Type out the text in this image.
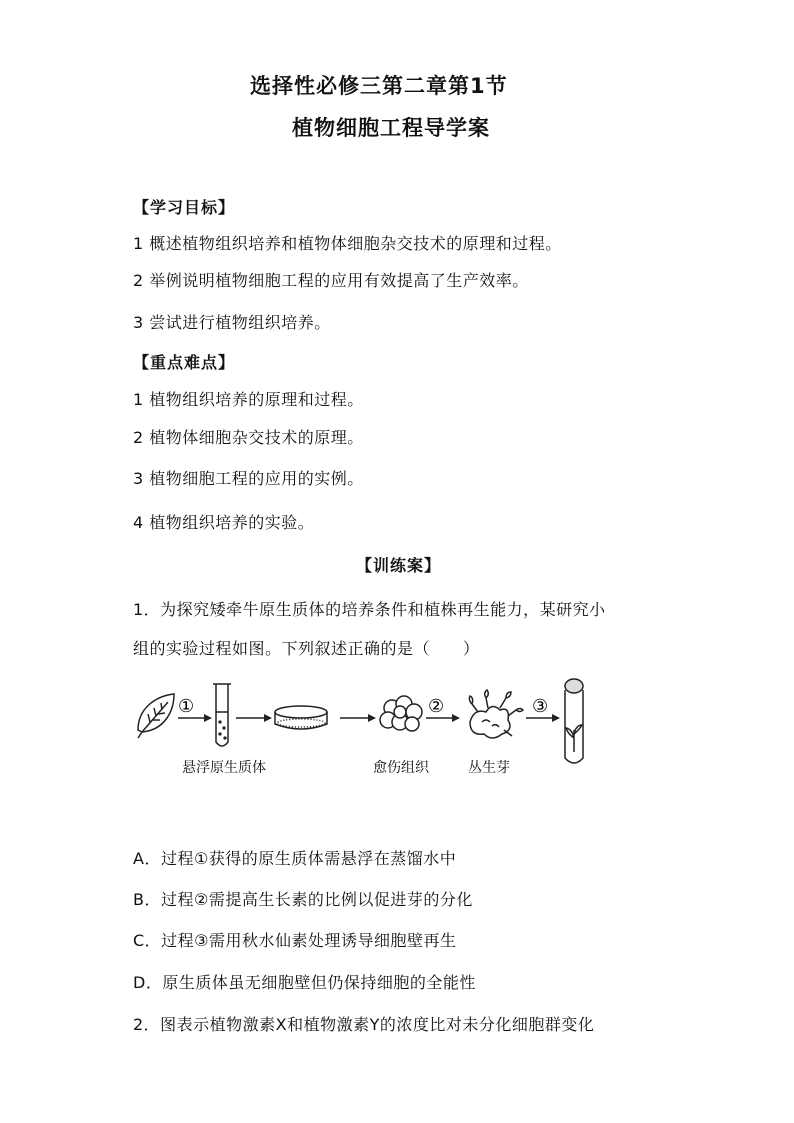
选择性必修三第二章第1节
植物细胞工程导学案
【学习目标】
1 概述植物组织培养和植物体细胞杂交技术的原理和过程。
2 举例说明植物细胞工程的应用有效提高了生产效率。
3 尝试进行植物组织培养。
【重点难点】
1 植物组织培养的原理和过程。
2 植物体细胞杂交技术的原理。
3 植物细胞工程的应用的实例。
4 植物组织培养的实验。
【训练案】
1．为探究矮牵牛原生质体的培养条件和植株再生能力，某研究小
组的实验过程如图。下列叙述正确的是（　　）
①	②	③
悬浮原生质体	愈伤组织	丛生芽
A．过程①获得的原生质体需悬浮在蒸馏水中
B．过程②需提高生长素的比例以促进芽的分化
C．过程③需用秋水仙素处理诱导细胞壁再生
D．原生质体虽无细胞壁但仍保持细胞的全能性
2．图表示植物激素X和植物激素Y的浓度比对未分化细胞群变化
